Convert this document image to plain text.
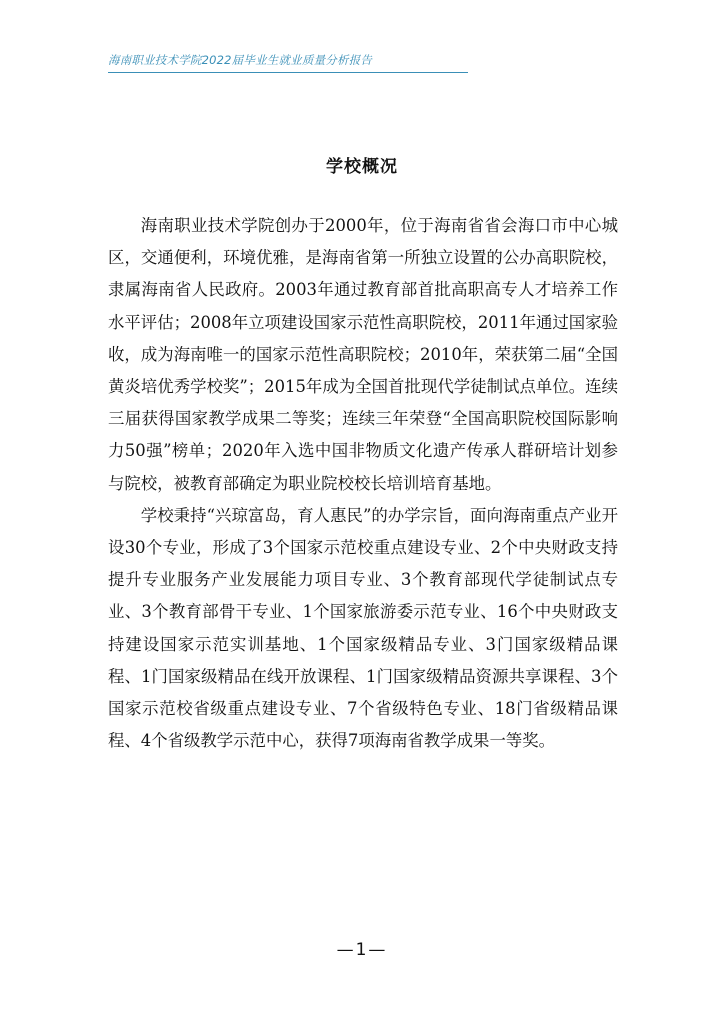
海南职业技术学院2022届毕业生就业质量分析报告
学校概况

海南职业技术学院创办于2000年，位于海南省省会海口市中心城区，交通便利，环境优雅，是海南省第一所独立设置的公办高职院校，隶属海南省人民政府。2003年通过教育部首批高职高专人才培养工作水平评估；2008年立项建设国家示范性高职院校，2011年通过国家验收，成为海南唯一的国家示范性高职院校；2010年，荣获第二届“全国黄炎培优秀学校奖”；2015年成为全国首批现代学徒制试点单位。连续三届获得国家教学成果二等奖；连续三年荣登“全国高职院校国际影响力50强”榜单；2020年入选中国非物质文化遗产传承人群研培计划参与院校，被教育部确定为职业院校校长培训培育基地。

学校秉持“兴琼富岛，育人惠民”的办学宗旨，面向海南重点产业开设30个专业，形成了3个国家示范校重点建设专业、2个中央财政支持提升专业服务产业发展能力项目专业、3个教育部现代学徒制试点专业、3个教育部骨干专业、1个国家旅游委示范专业、16个中央财政支持建设国家示范实训基地、1个国家级精品专业、3门国家级精品课程、1门国家级精品在线开放课程、1门国家级精品资源共享课程、3个国家示范校省级重点建设专业、7个省级特色专业、18门省级精品课程、4个省级教学示范中心，获得7项海南省教学成果一等奖。

—1—
